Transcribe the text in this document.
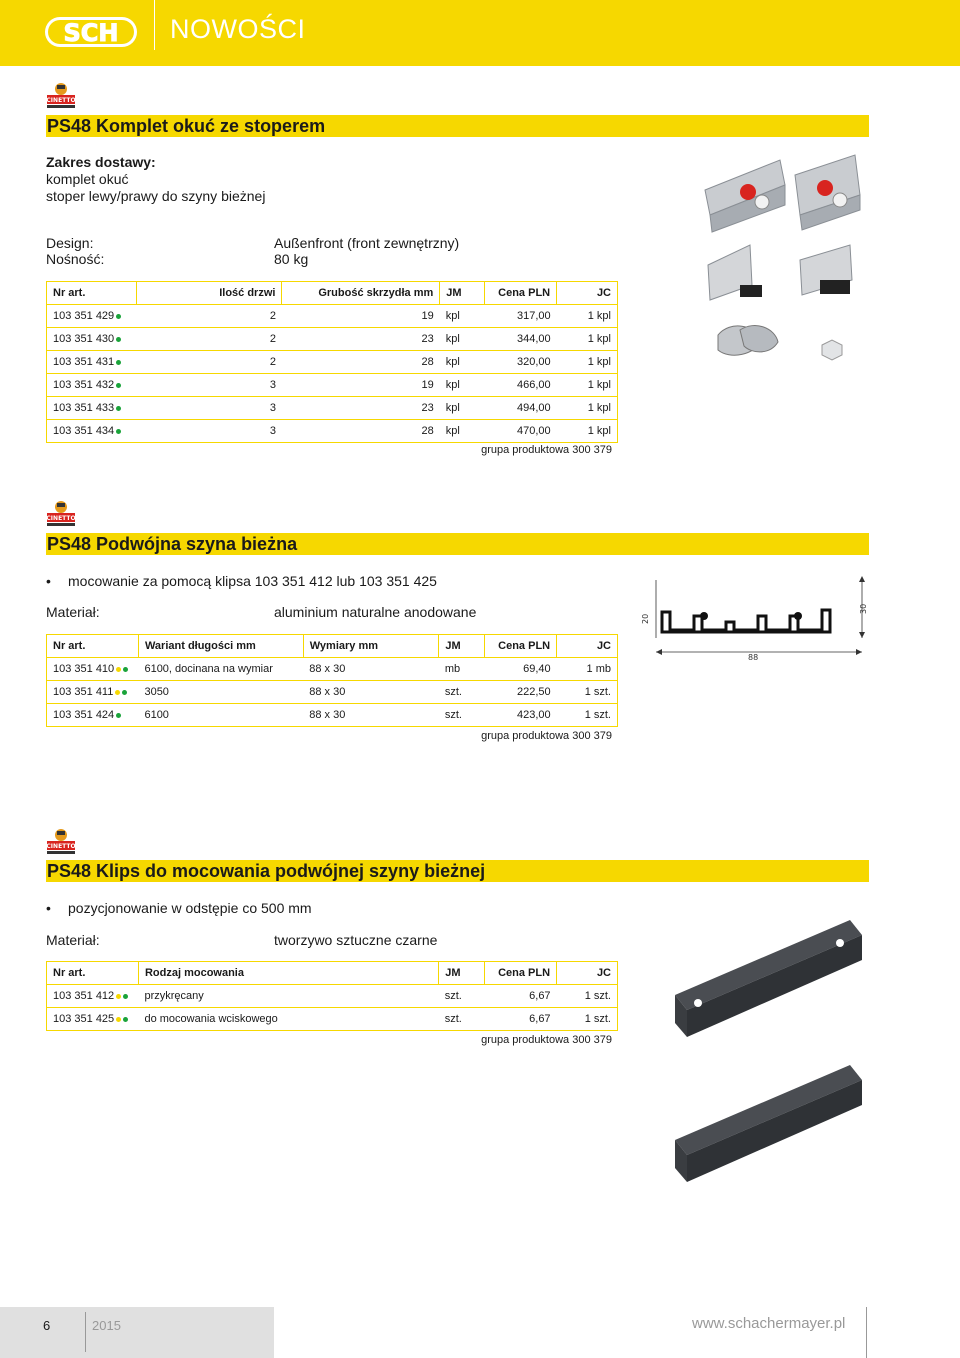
SCH NOWOŚCI
CINETTO
PS48 Komplet okuć ze stoperem
Zakres dostawy:
komplet okuć
stoper lewy/prawy do szyny bieżnej
Design:	Außenfront (front zewnętrzny)
Nośność:	80 kg
Nr art.	Ilość drzwi	Grubość skrzydła mm	JM	Cena PLN	JC
103 351 429	2	19	kpl	317,00	1 kpl
103 351 430	2	23	kpl	344,00	1 kpl
103 351 431	2	28	kpl	320,00	1 kpl
103 351 432	3	19	kpl	466,00	1 kpl
103 351 433	3	23	kpl	494,00	1 kpl
103 351 434	3	28	kpl	470,00	1 kpl
grupa produktowa 300 379
CINETTO
PS48 Podwójna szyna bieżna
• mocowanie za pomocą klipsa 103 351 412 lub 103 351 425
Materiał:	aluminium naturalne anodowane
Nr art.	Wariant długości mm	Wymiary mm	JM	Cena PLN	JC
103 351 410	6100, docinana na wymiar	88 x 30	mb	69,40	1 mb
103 351 411	3050	88 x 30	szt.	222,50	1 szt.
103 351 424	6100	88 x 30	szt.	423,00	1 szt.
grupa produktowa 300 379
20
30
88
CINETTO
PS48 Klips do mocowania podwójnej szyny bieżnej
• pozycjonowanie w odstępie co 500 mm
Materiał:	tworzywo sztuczne czarne
Nr art.	Rodzaj mocowania	JM	Cena PLN	JC
103 351 412	przykręcany	szt.	6,67	1 szt.
103 351 425	do mocowania wciskowego	szt.	6,67	1 szt.
grupa produktowa 300 379
6	2015	www.schachermayer.pl
